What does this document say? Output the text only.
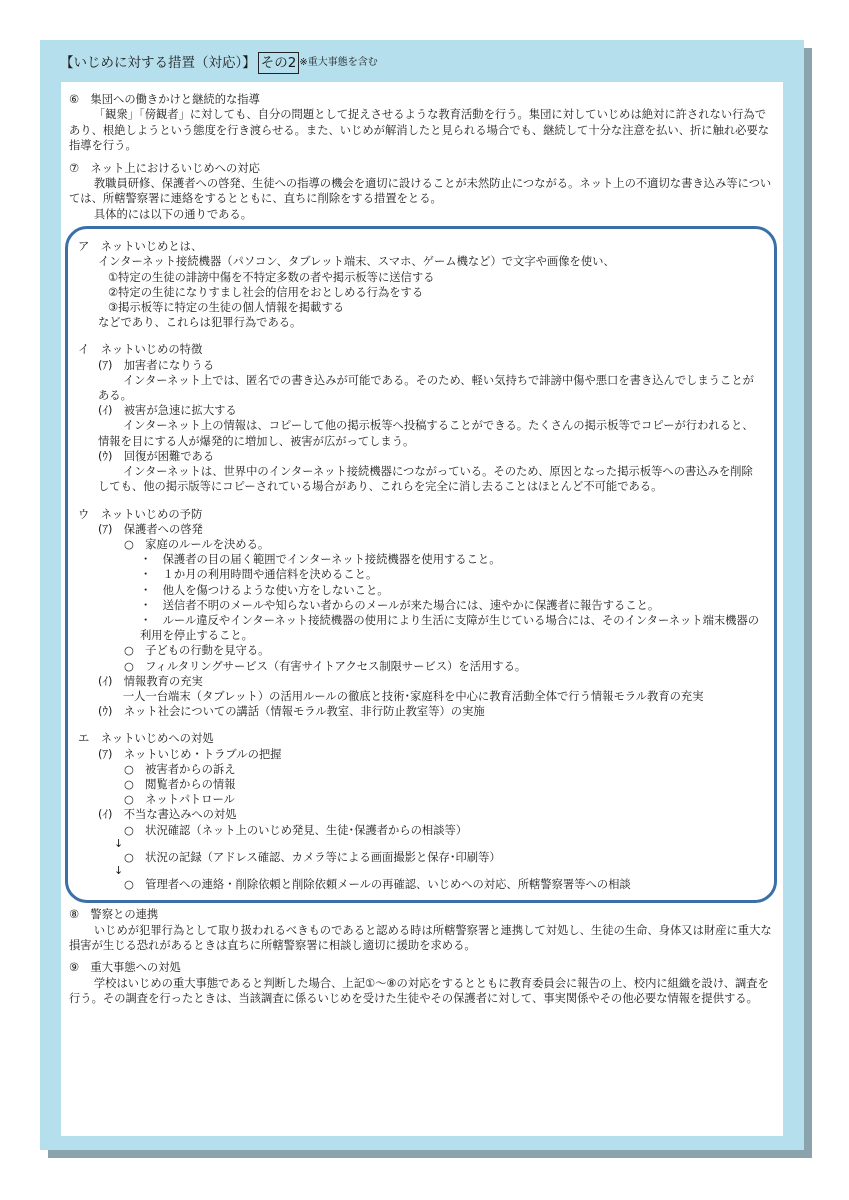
【いじめに対する措置（対応）】 その2 ※重大事態を含む
⑥　集団への働きかけと継続的な指導
「観衆」「傍観者」に対しても、自分の問題として捉えさせるような教育活動を行う。集団に対していじめは絶対に許されない行為であり、根絶しようという態度を行き渡らせる。また、いじめが解消したと見られる場合でも、継続して十分な注意を払い、折に触れ必要な指導を行う。
⑦　ネット上におけるいじめへの対応
教職員研修、保護者への啓発、生徒への指導の機会を適切に設けることが未然防止につながる。ネット上の不適切な書き込み等については、所轄警察署に連絡をするとともに、直ちに削除をする措置をとる。
具体的には以下の通りである。
ア　ネットいじめとは、
インターネット接続機器（パソコン、タブレット端末、スマホ、ゲーム機など）で文字や画像を使い、
①特定の生徒の誹謗中傷を不特定多数の者や掲示板等に送信する
②特定の生徒になりすまし社会的信用をおとしめる行為をする
③掲示板等に特定の生徒の個人情報を掲載する
などであり、これらは犯罪行為である。
イ　ネットいじめの特徴
(ｱ)　加害者になりうる
インターネット上では、匿名での書き込みが可能である。そのため、軽い気持ちで誹謗中傷や悪口を書き込んでしまうことがある。
(ｲ)　被害が急速に拡大する
インターネット上の情報は、コピーして他の掲示板等へ投稿することができる。たくさんの掲示板等でコピーが行われると、情報を目にする人が爆発的に増加し、被害が広がってしまう。
(ｳ)　回復が困難である
インターネットは、世界中のインターネット接続機器につながっている。そのため、原因となった掲示板等への書込みを削除しても、他の掲示版等にコピーされている場合があり、これらを完全に消し去ることはほとんど不可能である。
ウ　ネットいじめの予防
(ｱ)　保護者への啓発
○　家庭のルールを決める。
・　保護者の目の届く範囲でインターネット接続機器を使用すること。
・　１か月の利用時間や通信料を決めること。
・　他人を傷つけるような使い方をしないこと。
・　送信者不明のメールや知らない者からのメールが来た場合には、速やかに保護者に報告すること。
・　ルール違反やインターネット接続機器の使用により生活に支障が生じている場合には、そのインターネット端末機器の利用を停止すること。
○　子どもの行動を見守る。
○　フィルタリングサービス（有害サイトアクセス制限サービス）を活用する。
(ｲ)　情報教育の充実
一人一台端末（タブレット）の活用ルールの徹底と技術･家庭科を中心に教育活動全体で行う情報モラル教育の充実
(ｳ)　ネット社会についての講話（情報モラル教室、非行防止教室等）の実施
エ　ネットいじめへの対処
(ｱ)　ネットいじめ・トラブルの把握
○　被害者からの訴え
○　閲覧者からの情報
○　ネットパトロール
(ｲ)　不当な書込みへの対処
○　状況確認（ネット上のいじめ発見、生徒･保護者からの相談等）
↓
○　状況の記録（アドレス確認、カメラ等による画面撮影と保存･印刷等）
↓
○　管理者への連絡・削除依頼と削除依頼メールの再確認、いじめへの対応、所轄警察署等への相談
⑧　警察との連携
いじめが犯罪行為として取り扱われるべきものであると認める時は所轄警察署と連携して対処し、生徒の生命、身体又は財産に重大な損害が生じる恐れがあるときは直ちに所轄警察署に相談し適切に援助を求める。
⑨　重大事態への対処
学校はいじめの重大事態であると判断した場合、上記①～⑧の対応をするとともに教育委員会に報告の上、校内に組織を設け、調査を行う。その調査を行ったときは、当該調査に係るいじめを受けた生徒やその保護者に対して、事実関係やその他必要な情報を提供する。
